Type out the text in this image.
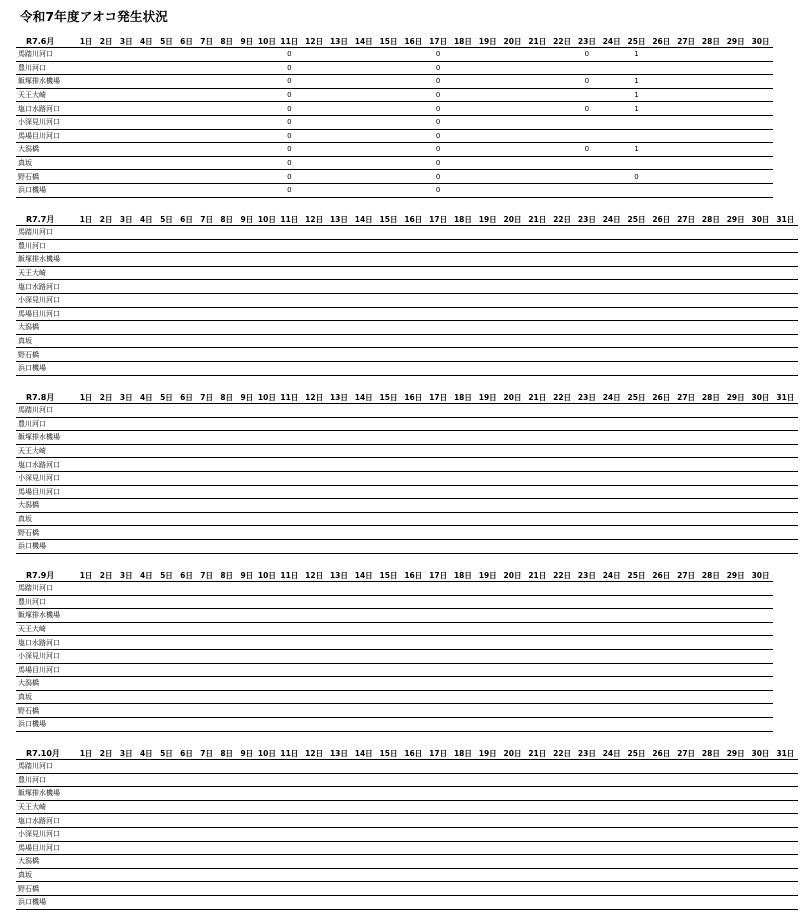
令和7年度アオコ発生状況
R7.6月	1日	2日	3日	4日	5日	6日	7日	8日	9日	10日	11日	12日	13日	14日	15日	16日	17日	18日	19日	20日	21日	22日	23日	24日	25日	26日	27日	28日	29日	30日
馬踏川河口											0						0						0		1					
豊川河口											0						0													
飯塚排水機場											0						0						0		1					
天王大崎											0						0								1					
塩口水路河口											0						0						0		1					
小深見川河口											0						0													
馬場目川河口											0						0													
大潟橋											0						0						0		1					
真坂											0						0													
野石橋											0						0								0					
浜口機場											0						0													
R7.7月	1日	2日	3日	4日	5日	6日	7日	8日	9日	10日	11日	12日	13日	14日	15日	16日	17日	18日	19日	20日	21日	22日	23日	24日	25日	26日	27日	28日	29日	30日	31日
馬踏川河口																															
豊川河口																															
飯塚排水機場																															
天王大崎																															
塩口水路河口																															
小深見川河口																															
馬場目川河口																															
大潟橋																															
真坂																															
野石橋																															
浜口機場																															
R7.8月	1日	2日	3日	4日	5日	6日	7日	8日	9日	10日	11日	12日	13日	14日	15日	16日	17日	18日	19日	20日	21日	22日	23日	24日	25日	26日	27日	28日	29日	30日	31日
馬踏川河口																															
豊川河口																															
飯塚排水機場																															
天王大崎																															
塩口水路河口																															
小深見川河口																															
馬場目川河口																															
大潟橋																															
真坂																															
野石橋																															
浜口機場																															
R7.9月	1日	2日	3日	4日	5日	6日	7日	8日	9日	10日	11日	12日	13日	14日	15日	16日	17日	18日	19日	20日	21日	22日	23日	24日	25日	26日	27日	28日	29日	30日
馬踏川河口																														
豊川河口																														
飯塚排水機場																														
天王大崎																														
塩口水路河口																														
小深見川河口																														
馬場目川河口																														
大潟橋																														
真坂																														
野石橋																														
浜口機場																														
R7.10月	1日	2日	3日	4日	5日	6日	7日	8日	9日	10日	11日	12日	13日	14日	15日	16日	17日	18日	19日	20日	21日	22日	23日	24日	25日	26日	27日	28日	29日	30日	31日
馬踏川河口																															
豊川河口																															
飯塚排水機場																															
天王大崎																															
塩口水路河口																															
小深見川河口																															
馬場目川河口																															
大潟橋																															
真坂																															
野石橋																															
浜口機場																															
